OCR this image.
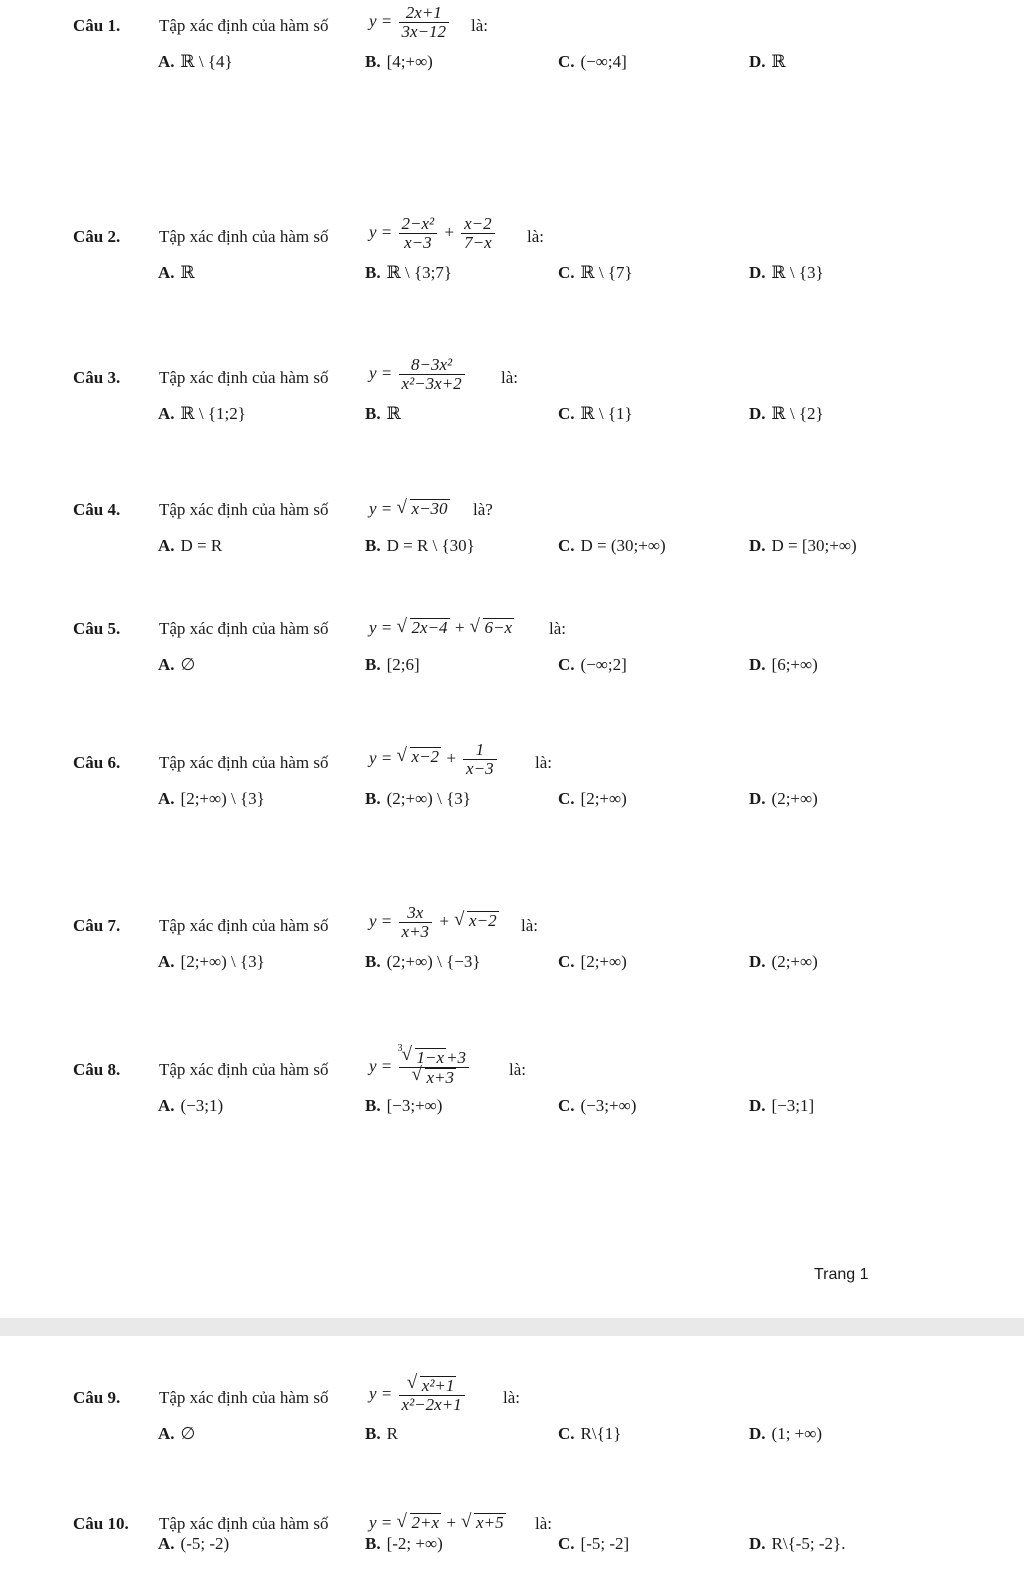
Câu 1. Tập xác định của hàm số $y = \frac{2x+1}{3x-12}$ là:
A. ℝ \ {4}	B. [4;+∞)	C. (−∞;4]	D. ℝ
Câu 2. Tập xác định của hàm số $y = \frac{\text{2−x²}}{x-3} + \frac{x-2}{7-x}$ là:
A. ℝ	B. ℝ \ {3;7}	C. ℝ \ {7}	D. ℝ \ {3}
Câu 3. Tập xác định của hàm số $y = \frac{\text{8−3x²}}{\text{x²−3x+2}}$ là:
A. ℝ \ {1;2}	B. ℝ	C. ℝ \ {1}	D. ℝ \ {2}
Câu 4. Tập xác định của hàm số y = √ x−30 là?
A. D = R	B. D = R \ {30}	C. D = (30;+∞)	D. D = [30;+∞)
Câu 5. Tập xác định của hàm số y = √ 2x−4 + √ 6−x là:
A. ∅	B. [2;6]	C. (−∞;2]	D. [6;+∞)
Câu 6. Tập xác định của hàm số y = √ $x-2 + \frac{1}{x-3}$ là:
A. [2;+∞) \ {3}	B. (2;+∞) \ {3}	C. [2;+∞)	D. (2;+∞)
Câu 7. Tập xác định của hàm số $y = \frac{3x}{x+3}$ + √ x−2 là:
A. [2;+∞) \ {3}	B. (2;+∞) \ {−3}	C. [2;+∞)	D. (2;+∞)
Câu 8. Tập xác định của hàm số $y = \frac{3 √ 1-x +3}{√ x+3}$ là:
A. (−3;1)	B. [−3;+∞)	C. (−3;+∞)	D. [−3;1]
Trang 1
Câu 9. Tập xác định của hàm số $y = \frac{\text{√ x²+1}}{\text{x²−2x+1}}$ là:
A. ∅	B. R	C. R\{1}	D. (1; +∞)
Câu 10. Tập xác định của hàm số y = √ 2+x + √ x+5 là:
A. (-5; -2)	B. [-2; +∞)	C. [-5; -2]	D. R\{-5; -2}.
